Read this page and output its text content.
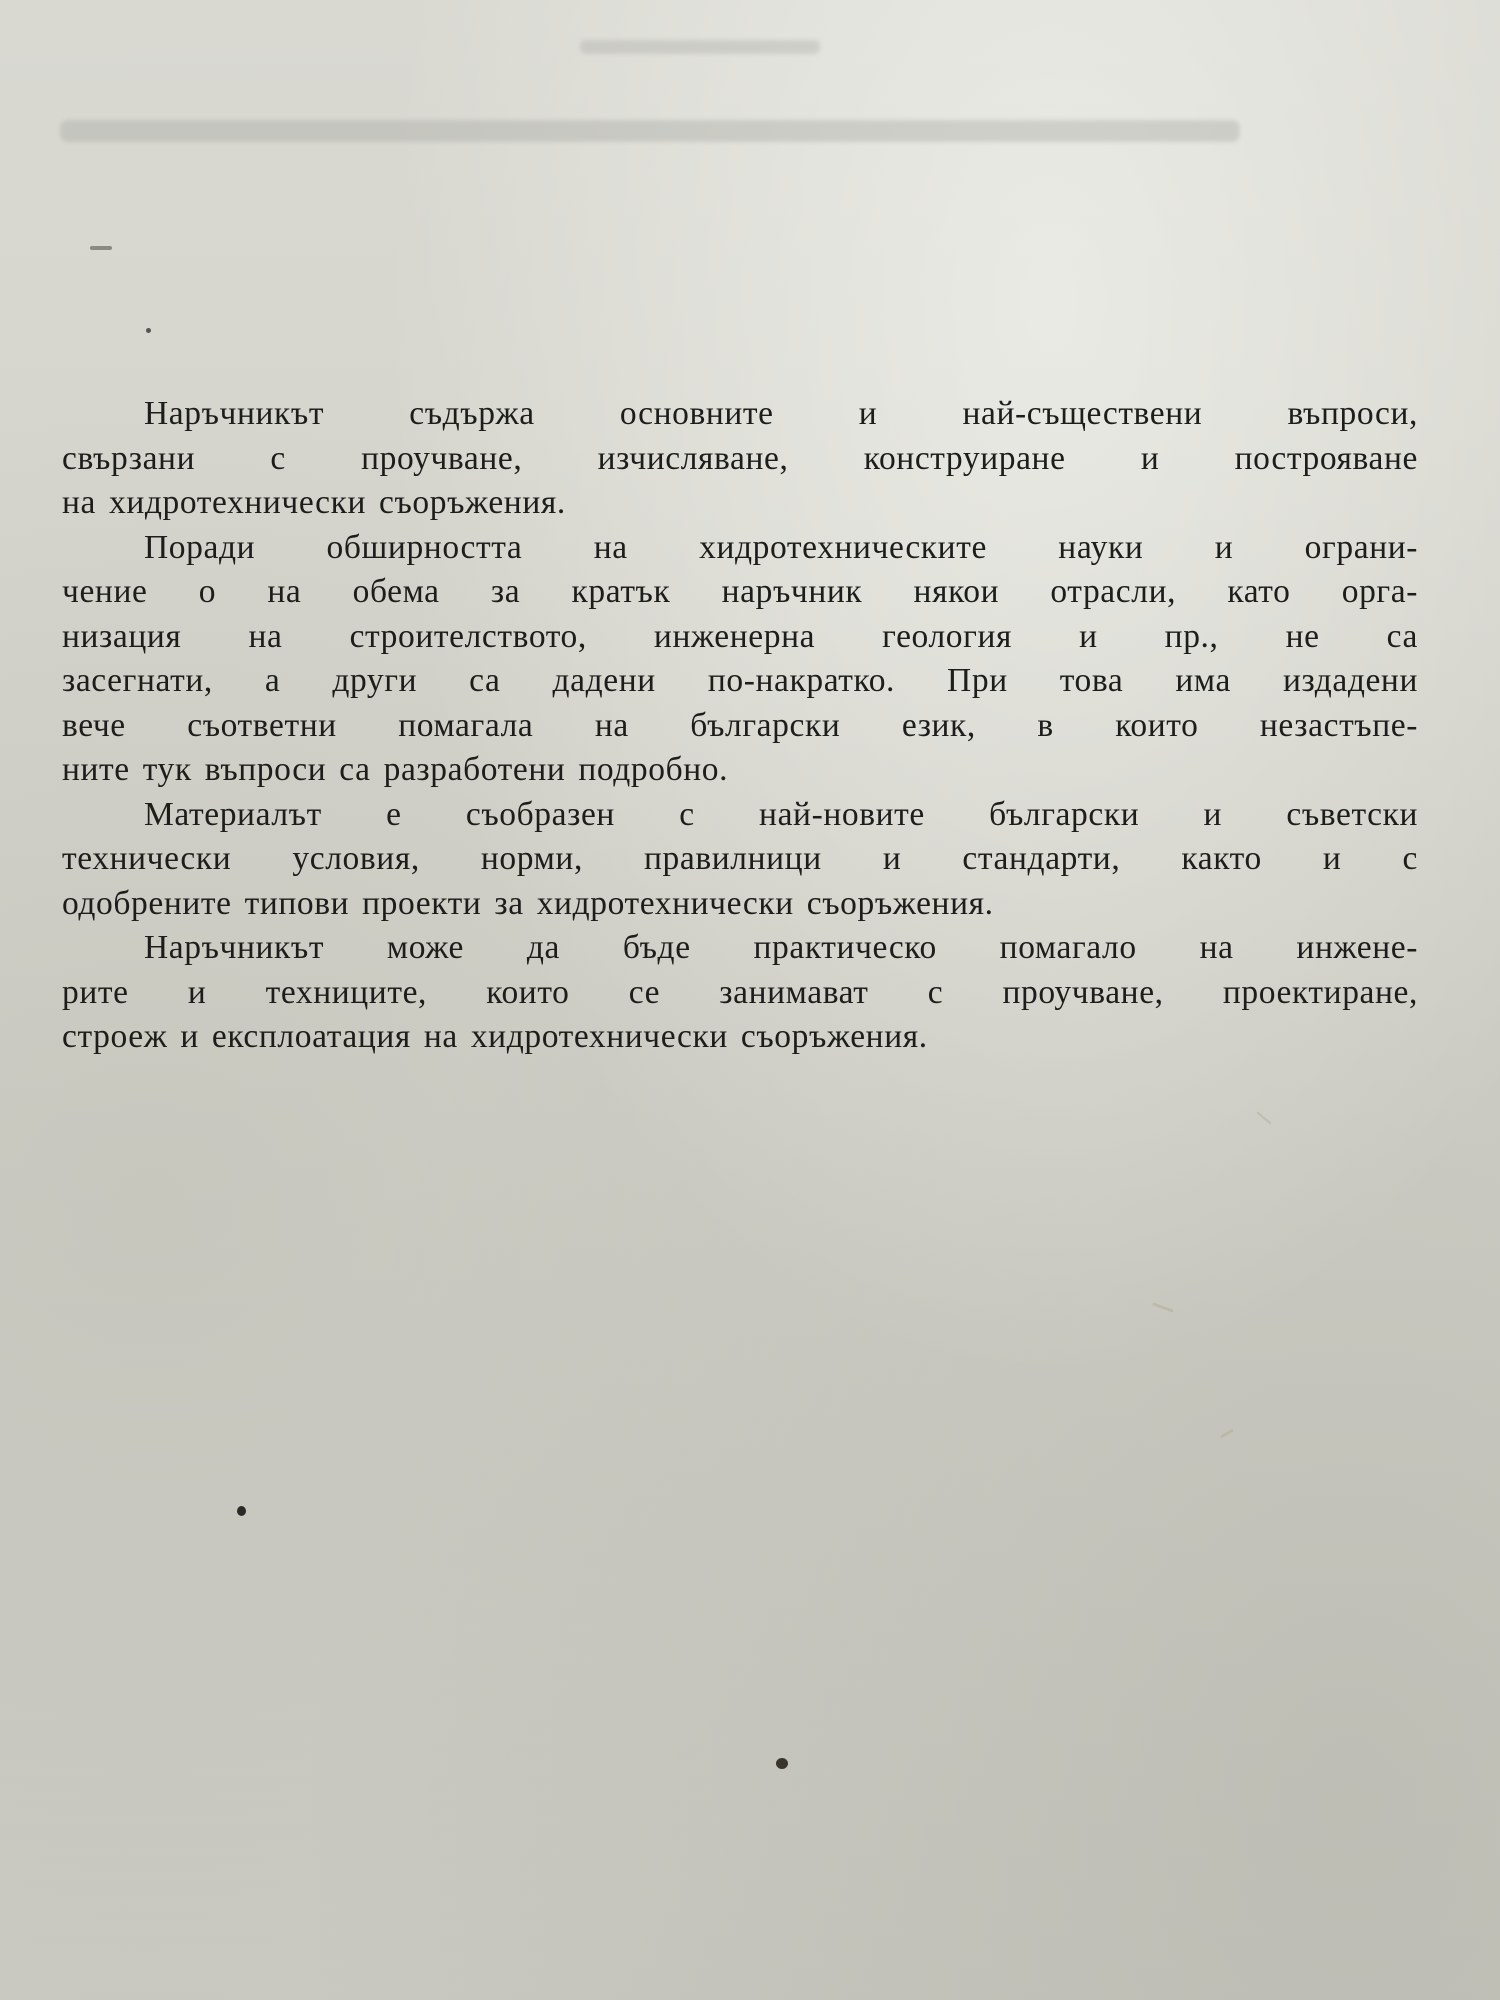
Наръчникът съдържа основните и най-съществени въпроси,
свързани с проучване, изчисляване, конструиране и построяване
на хидротехнически съоръжения.
Поради обширността на хидротехническите науки и ограни-
чение о на обема за кратък наръчник някои отрасли, като орга-
низация на строителството, инженерна геология и пр., не са
засегнати, а други са дадени по-накратко. При това има издадени
вече съответни помагала на български език, в които незастъпе-
ните тук въпроси са разработени подробно.
Материалът е съобразен с най-новите български и съветски
технически условия, норми, правилници и стандарти, както и с
одобрените типови проекти за хидротехнически съоръжения.
Наръчникът може да бъде практическо помагало на инжене-
рите и техниците, които се занимават с проучване, проектиране,
строеж и експлоатация на хидротехнически съоръжения.
